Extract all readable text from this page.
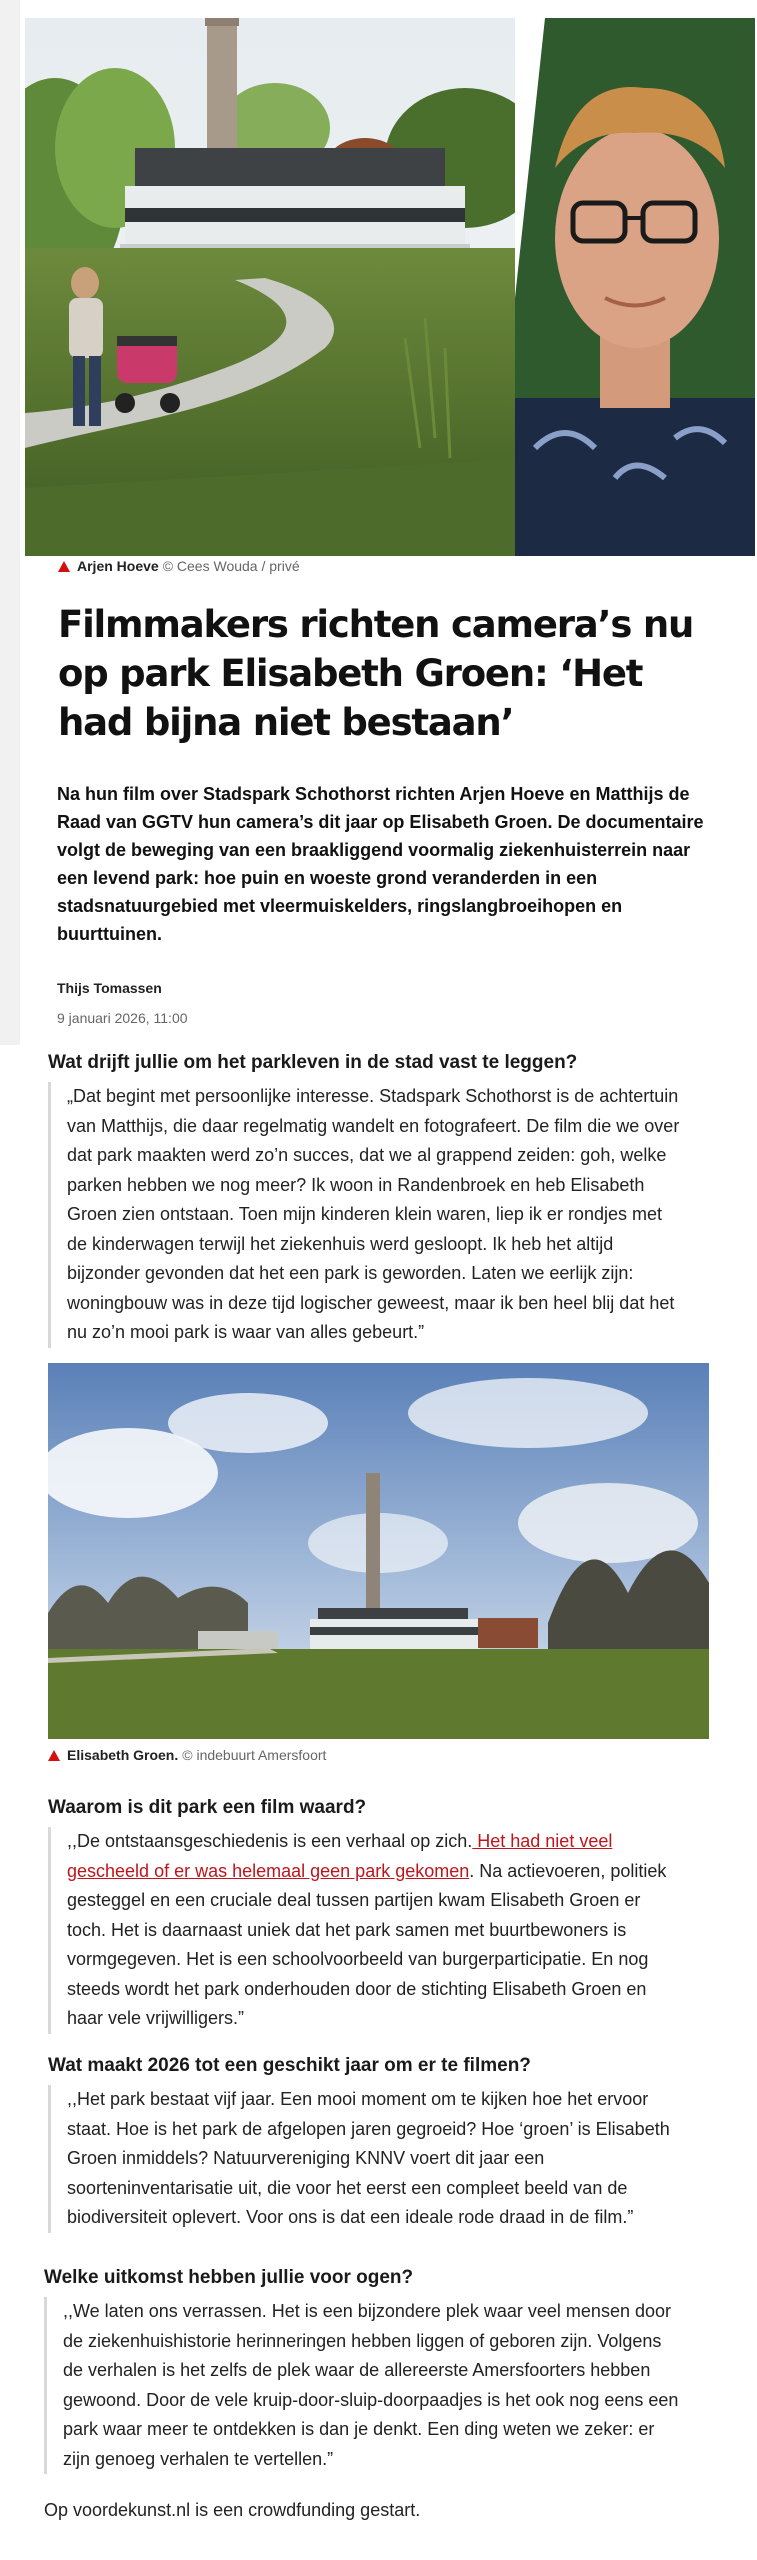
Arjen Hoeve © Cees Wouda / privé
Filmmakers richten camera’s nu op park Elisabeth Groen: ‘Het had bijna niet bestaan’

Na hun film over Stadspark Schothorst richten Arjen Hoeve en Matthijs de Raad van GGTV hun camera’s dit jaar op Elisabeth Groen. De documentaire volgt de beweging van een braakliggend voormalig ziekenhuisterrein naar een levend park: hoe puin en woeste grond veranderden in een stadsnatuurgebied met vleermuiskelders, ringslangbroeihopen en buurttuinen.

Thijs Tomassen
9 januari 2026, 11:00
Wat drijft jullie om het parkleven in de stad vast te leggen?

„Dat begint met persoonlijke interesse. Stadspark Schothorst is de achtertuin van Matthijs, die daar regelmatig wandelt en fotografeert. De film die we over dat park maakten werd zo’n succes, dat we al grappend zeiden: goh, welke parken hebben we nog meer? Ik woon in Randenbroek en heb Elisabeth Groen zien ontstaan. Toen mijn kinderen klein waren, liep ik er rondjes met de kinderwagen terwijl het ziekenhuis werd gesloopt. Ik heb het altijd bijzonder gevonden dat het een park is geworden. Laten we eerlijk zijn: woningbouw was in deze tijd logischer geweest, maar ik ben heel blij dat het nu zo’n mooi park is waar van alles gebeurt.”

Elisabeth Groen. © indebuurt Amersfoort
Waarom is dit park een film waard?

,,De ontstaansgeschiedenis is een verhaal op zich. Het had niet veel gescheeld of er was helemaal geen park gekomen. Na actievoeren, politiek gesteggel en een cruciale deal tussen partijen kwam Elisabeth Groen er toch. Het is daarnaast uniek dat het park samen met buurtbewoners is vormgegeven. Het is een schoolvoorbeeld van burgerparticipatie. En nog steeds wordt het park onderhouden door de stichting Elisabeth Groen en haar vele vrijwilligers.”

Wat maakt 2026 tot een geschikt jaar om er te filmen?

,,Het park bestaat vijf jaar. Een mooi moment om te kijken hoe het ervoor staat. Hoe is het park de afgelopen jaren gegroeid? Hoe ‘groen’ is Elisabeth Groen inmiddels? Natuurvereniging KNNV voert dit jaar een soorteninventarisatie uit, die voor het eerst een compleet beeld van de biodiversiteit oplevert. Voor ons is dat een ideale rode draad in de film.”

Welke uitkomst hebben jullie voor ogen?

,,We laten ons verrassen. Het is een bijzondere plek waar veel mensen door de ziekenhuishistorie herinneringen hebben liggen of geboren zijn. Volgens de verhalen is het zelfs de plek waar de allereerste Amersfoorters hebben gewoond. Door de vele kruip-door-sluip-doorpaadjes is het ook nog eens een park waar meer te ontdekken is dan je denkt. Een ding weten we zeker: er zijn genoeg verhalen te vertellen.”

Op voordekunst.nl is een crowdfunding gestart.
